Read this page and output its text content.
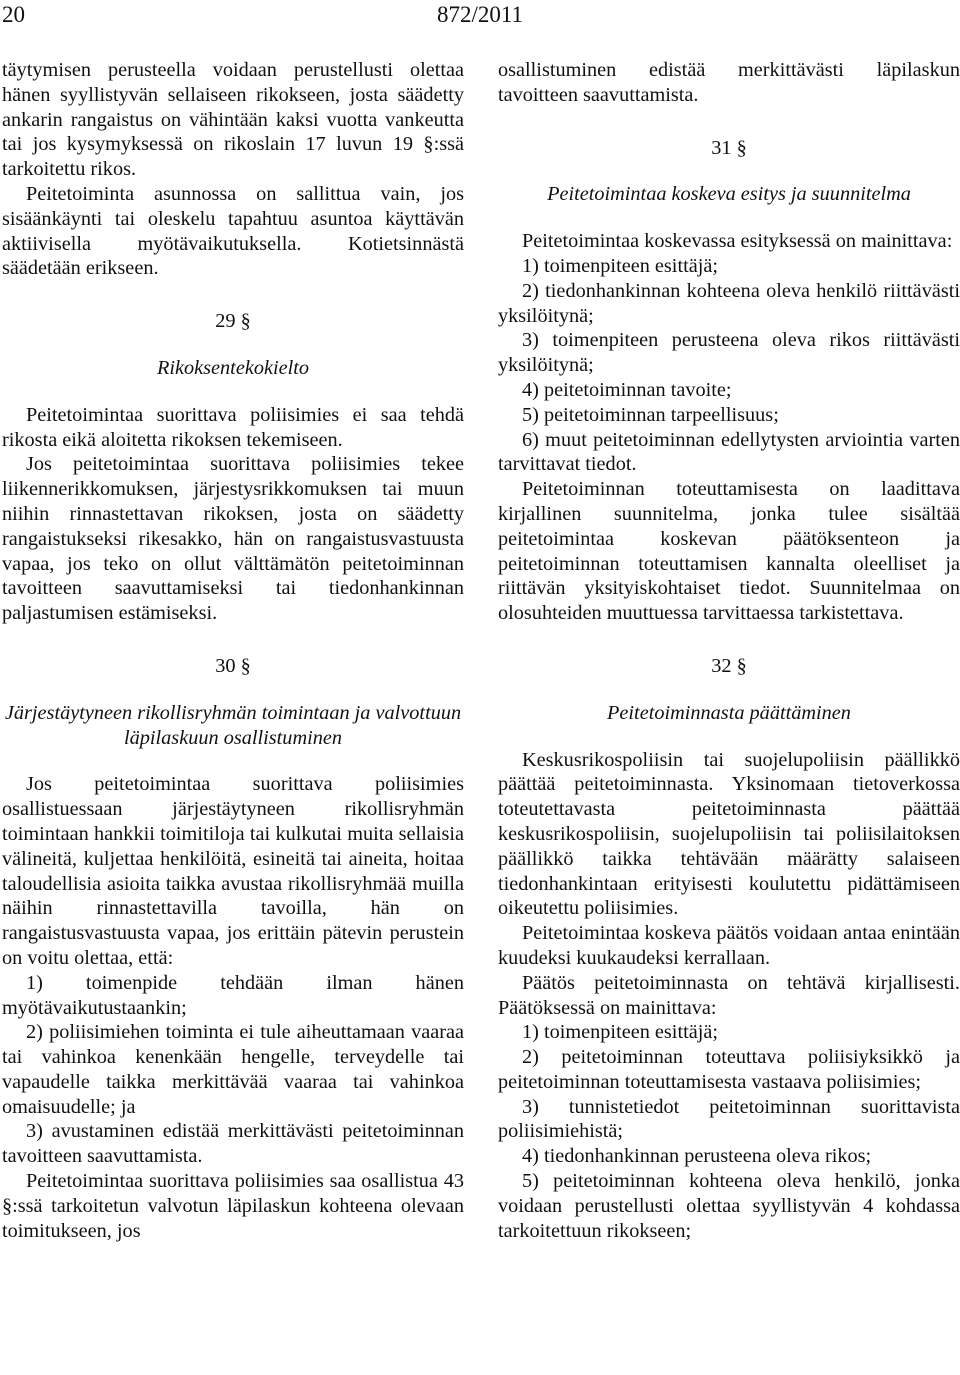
20	872/2011

täytymisen perusteella voidaan perustellusti olettaa hänen syyllistyvän sellaiseen rikokseen, josta säädetty ankarin rangaistus on vähintään kaksi vuotta vankeutta tai jos kysymyksessä on rikoslain 17 luvun 19 §:ssä tarkoitettu rikos.

Peitetoiminta asunnossa on sallittua vain, jos sisäänkäynti tai oleskelu tapahtuu asuntoa käyttävän aktiivisella myötävaikutuksella. Kotietsinnästä säädetään erikseen.

29 §
Rikoksentekokielto

Peitetoimintaa suorittava poliisimies ei saa tehdä rikosta eikä aloitetta rikoksen tekemiseen.

Jos peitetoimintaa suorittava poliisimies tekee liikennerikkomuksen, järjestysrikkomuksen tai muun niihin rinnastettavan rikoksen, josta on säädetty rangaistukseksi rikesakko, hän on rangaistusvastuusta vapaa, jos teko on ollut välttämätön peitetoiminnan tavoitteen saavuttamiseksi tai tiedonhankinnan paljastumisen estämiseksi.

30 §
Järjestäytyneen rikollisryhmän toimintaan ja valvottuun läpilaskuun osallistuminen

Jos peitetoimintaa suorittava poliisimies osallistuessaan järjestäytyneen rikollisryhmän toimintaan hankkii toimitiloja tai kulkutai muita sellaisia välineitä, kuljettaa henkilöitä, esineitä tai aineita, hoitaa taloudellisia asioita taikka avustaa rikollisryhmää muilla näihin rinnastettavilla tavoilla, hän on rangaistusvastuusta vapaa, jos erittäin pätevin perustein on voitu olettaa, että:

1) toimenpide tehdään ilman hänen myötävaikutustaankin;

2) poliisimiehen toiminta ei tule aiheuttamaan vaaraa tai vahinkoa kenenkään hengelle, terveydelle tai vapaudelle taikka merkittävää vaaraa tai vahinkoa omaisuudelle; ja

3) avustaminen edistää merkittävästi peitetoiminnan tavoitteen saavuttamista.

Peitetoimintaa suorittava poliisimies saa osallistua 43 §:ssä tarkoitetun valvotun läpilaskun kohteena olevaan toimitukseen, jos

osallistuminen edistää merkittävästi läpilaskun tavoitteen saavuttamista.

31 §
Peitetoimintaa koskeva esitys ja suunnitelma

Peitetoimintaa koskevassa esityksessä on mainittava:

1) toimenpiteen esittäjä;

2) tiedonhankinnan kohteena oleva henkilö riittävästi yksilöitynä;

3) toimenpiteen perusteena oleva rikos riittävästi yksilöitynä;

4) peitetoiminnan tavoite;

5) peitetoiminnan tarpeellisuus;

6) muut peitetoiminnan edellytysten arviointia varten tarvittavat tiedot.

Peitetoiminnan toteuttamisesta on laadittava kirjallinen suunnitelma, jonka tulee sisältää peitetoimintaa koskevan päätöksenteon ja peitetoiminnan toteuttamisen kannalta oleelliset ja riittävän yksityiskohtaiset tiedot. Suunnitelmaa on olosuhteiden muuttuessa tarvittaessa tarkistettava.

32 §
Peitetoiminnasta päättäminen

Keskusrikospoliisin tai suojelupoliisin päällikkö päättää peitetoiminnasta. Yksinomaan tietoverkossa toteutettavasta peitetoiminnasta päättää keskusrikospoliisin, suojelupoliisin tai poliisilaitoksen päällikkö taikka tehtävään määrätty salaiseen tiedonhankintaan erityisesti koulutettu pidättämiseen oikeutettu poliisimies.

Peitetoimintaa koskeva päätös voidaan antaa enintään kuudeksi kuukaudeksi kerrallaan.

Päätös peitetoiminnasta on tehtävä kirjallisesti. Päätöksessä on mainittava:

1) toimenpiteen esittäjä;

2) peitetoiminnan toteuttava poliisiyksikkö ja peitetoiminnan toteuttamisesta vastaava poliisimies;

3) tunnistetiedot peitetoiminnan suorittavista poliisimiehistä;

4) tiedonhankinnan perusteena oleva rikos;

5) peitetoiminnan kohteena oleva henkilö, jonka voidaan perustellusti olettaa syyllistyvän 4 kohdassa tarkoitettuun rikokseen;
